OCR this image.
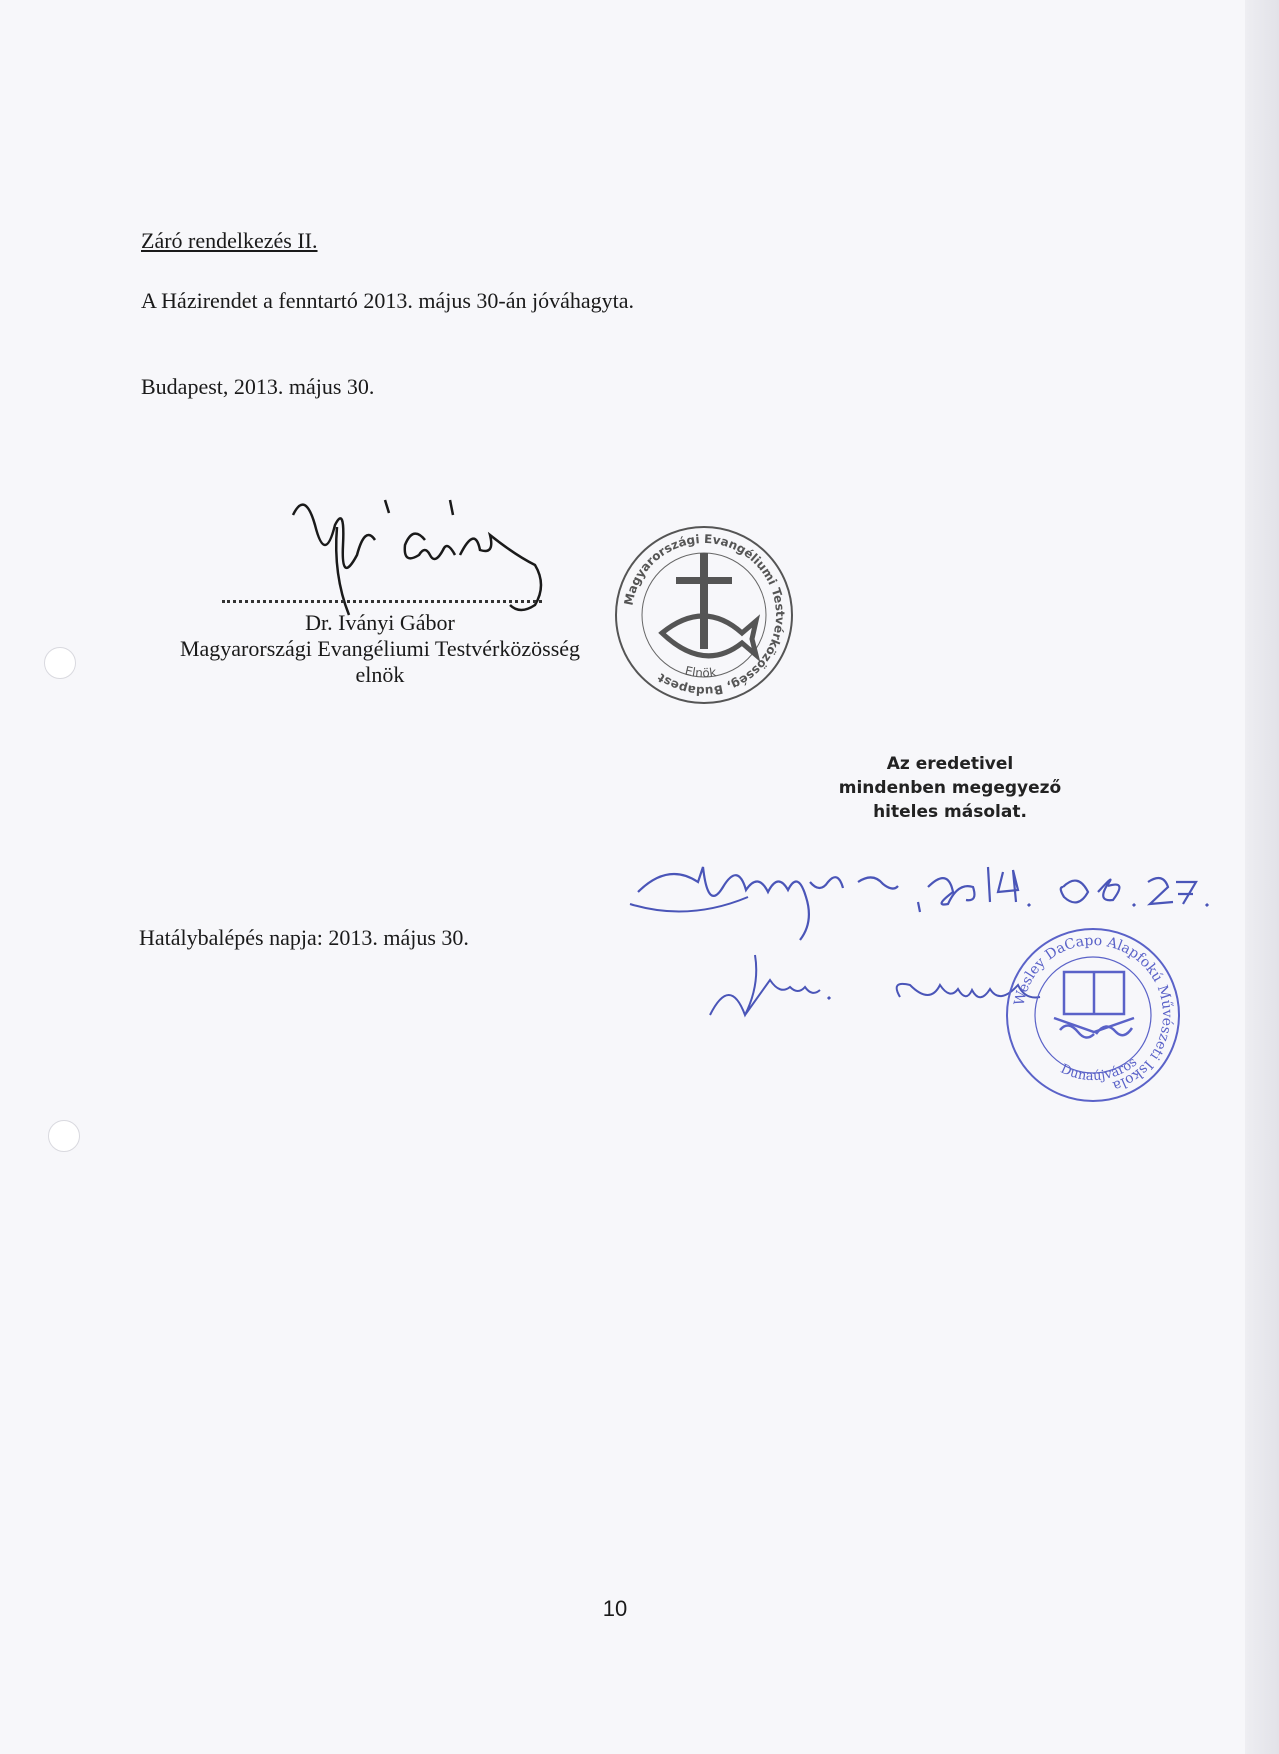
Záró rendelkezés II.
A Házirendet a fenntartó 2013. május 30-án jóváhagyta.
Budapest, 2013. május 30.
Dr. Iványi Gábor
Magyarországi Evangéliumi Testvérközösség
elnök
Magyarországi Evangéliumi Testvérközösség, Budapest	Elnök
Az eredetivel
mindenben megegyező
hiteles másolat.
Hatálybalépés napja: 2013. május 30.
Wesley DaCapo Alapfokú Művészeti Iskola
Dunaújváros
10
